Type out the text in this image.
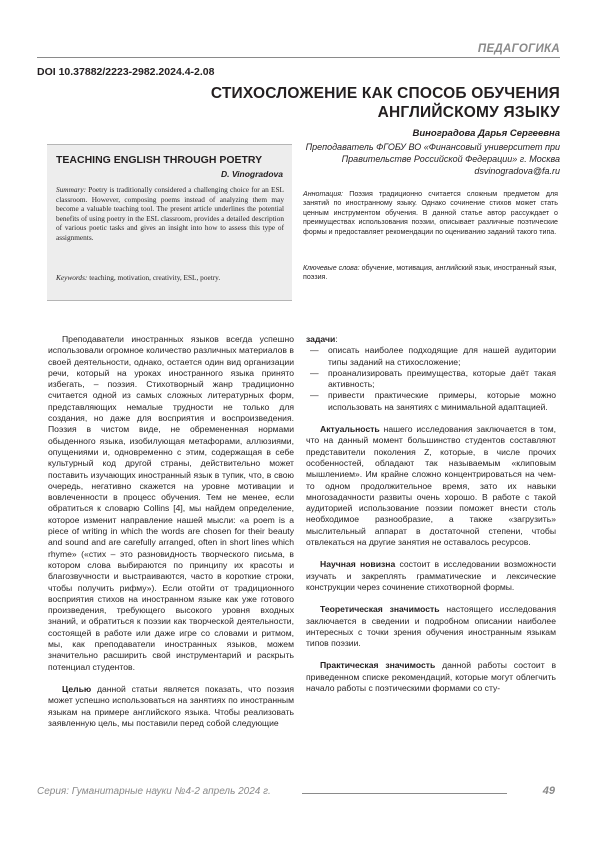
ПЕДАГОГИКА
DOI 10.37882/2223-2982.2024.4-2.08
СТИХОСЛОЖЕНИЕ КАК СПОСОБ ОБУЧЕНИЯ АНГЛИЙСКОМУ ЯЗЫКУ
Виноградова Дарья Сергеевна
Преподаватель ФГОБУ ВО «Финансовый университет при Правительстве Российской Федерации» г. Москва
dsvinogradova@fa.ru
TEACHING ENGLISH THROUGH POETRY
D. Vinogradova
Summary: Poetry is traditionally considered a challenging choice for an ESL classroom. However, composing poems instead of analyzing them may become a valuable teaching tool. The present article underlines the potential benefits of using poetry in the ESL classroom, provides a detailed description of various poetic tasks and gives an insight into how to assess this type of assignments.
Keywords: teaching, motivation, creativity, ESL, poetry.
Аннотация: Поэзия традиционно считается сложным предметом для занятий по иностранному языку. Однако сочинение стихов может стать ценным инструментом обучения. В данной статье автор рассуждает о преимуществах использования поэзии, описывает различные поэтические формы и предоставляет рекомендации по оцениванию заданий такого типа.
Ключевые слова: обучение, мотивация, английский язык, иностранный язык, поэзия.

Преподаватели иностранных языков всегда успешно использовали огромное количество различных материалов в своей деятельности, однако, остается один вид организации речи, который на уроках иностранного языка принято избегать, – поэзия. Стихотворный жанр традиционно считается одной из самых сложных литературных форм, представляющих немалые трудности не только для создания, но даже для восприятия и воспроизведения. Поэзия в чистом виде, не обремененная нормами обыденного языка, изобилующая метафорами, аллюзиями, опущениями и, одновременно с этим, содержащая в себе культурный код другой страны, действительно может поставить изучающих иностранный язык в тупик, что, в свою очередь, негативно скажется на уровне мотивации и вовлеченности в процесс обучения. Тем не менее, если обратиться к словарю Collins [4], мы найдем определение, которое изменит направление нашей мысли: «a poem is a piece of writing in which the words are chosen for their beauty and sound and are carefully arranged, often in short lines which rhyme» («стих – это разновидность творческого письма, в котором слова выбираются по принципу их красоты и благозвучности и выстраиваются, часто в короткие строки, чтобы получить рифму»). Если отойти от традиционного восприятия стихов на иностранном языке как уже готового произведения, требующего высокого уровня входных знаний, и обратиться к поэзии как творческой деятельности, состоящей в работе или даже игре со словами и ритмом, мы, как преподаватели иностранных языков, можем значительно расширить свой инструментарий и раскрыть потенциал студентов.

Целью данной статьи является показать, что поэзия может успешно использоваться на занятиях по иностранным языкам на примере английского языка. Чтобы реализовать заявленную цель, мы поставили перед собой следующие

задачи:

— описать наиболее подходящие для нашей аудитории типы заданий на стихосложение;
— проанализировать преимущества, которые даёт такая активность;
— привести практические примеры, которые можно использовать на занятиях с минимальной адаптацией.

Актуальность нашего исследования заключается в том, что на данный момент большинство студентов составляют представители поколения Z, которые, в числе прочих особенностей, обладают так называемым «клиповым мышлением». Им крайне сложно концентрироваться на чем-то одном продолжительное время, зато их навыки многозадачности развиты очень хорошо. В работе с такой аудиторией использование поэзии поможет внести столь необходимое разнообразие, а также «загрузить» мыслительный аппарат в достаточной степени, чтобы отвлекаться на другие занятия не оставалось ресурсов.

Научная новизна состоит в исследовании возможности изучать и закреплять грамматические и лексические конструкции через сочинение стихотворной формы.

Теоретическая значимость настоящего исследования заключается в сведении и подробном описании наиболее интересных с точки зрения обучения иностранным языкам типов поэзии.

Практическая значимость данной работы состоит в приведенном списке рекомендаций, которые могут облегчить начало работы с поэтическими формами со сту-

Серия: Гуманитарные науки №4-2 апрель 2024 г.	49
